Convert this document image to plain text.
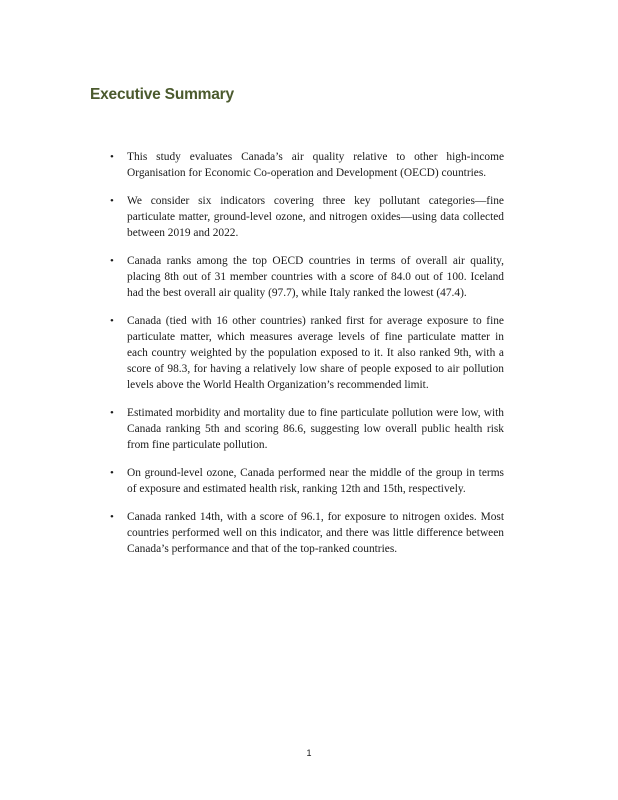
Executive Summary
• This study evaluates Canada’s air quality relative to other high-income Organisation for Economic Co-operation and Development (OECD) countries.
• We consider six indicators covering three key pollutant categories—fine particulate matter, ground-level ozone, and nitrogen oxides—using data collected between 2019 and 2022.
• Canada ranks among the top OECD countries in terms of overall air quality, placing 8th out of 31 member countries with a score of 84.0 out of 100. Iceland had the best overall air quality (97.7), while Italy ranked the lowest (47.4).
• Canada (tied with 16 other countries) ranked first for average exposure to fine particulate matter, which measures average levels of fine particulate matter in each country weighted by the population exposed to it. It also ranked 9th, with a score of 98.3, for having a relatively low share of people exposed to air pollution levels above the World Health Organization’s recommended limit.
• Estimated morbidity and mortality due to fine particulate pollution were low, with Canada ranking 5th and scoring 86.6, suggesting low overall public health risk from fine particulate pollution.
• On ground-level ozone, Canada performed near the middle of the group in terms of exposure and estimated health risk, ranking 12th and 15th, respectively.
• Canada ranked 14th, with a score of 96.1, for exposure to nitrogen oxides. Most countries performed well on this indicator, and there was little difference between Canada’s performance and that of the top-ranked countries.
1
